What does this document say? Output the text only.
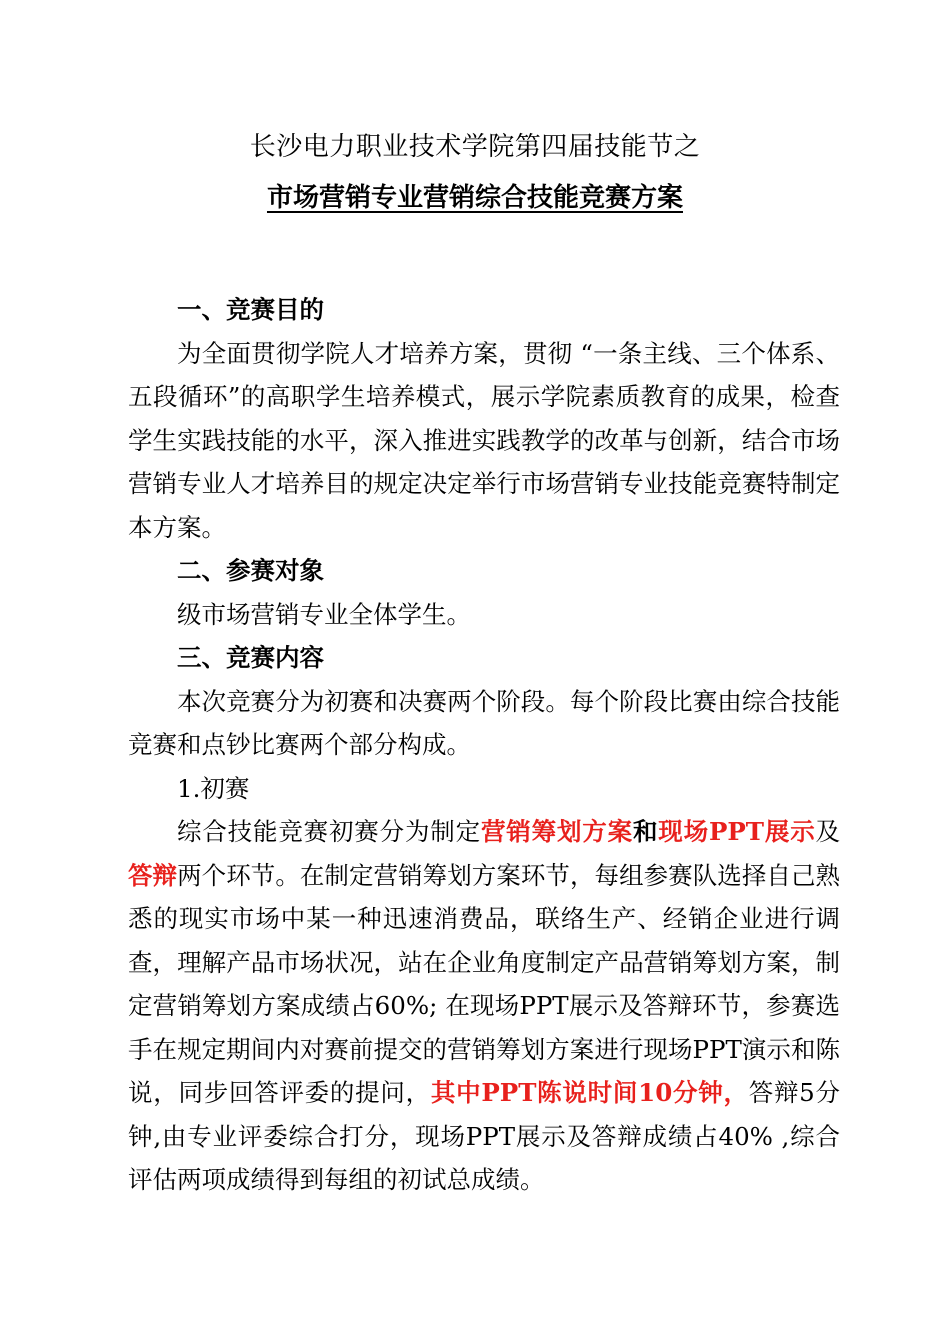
长沙电力职业技术学院第四届技能节之
市场营销专业营销综合技能竞赛方案

一、竞赛目的

为全面贯彻学院人才培养方案，贯彻 “一条主线、三个体系、五段循环”的高职学生培养模式，展示学院素质教育的成果，检查学生实践技能的水平，深入推进实践教学的改革与创新，结合市场营销专业人才培养目的规定决定举行市场营销专业技能竞赛特制定本方案。

二、参赛对象

级市场营销专业全体学生。

三、竞赛内容

本次竞赛分为初赛和决赛两个阶段。每个阶段比赛由综合技能竞赛和点钞比赛两个部分构成。

1.初赛

综合技能竞赛初赛分为制定营销筹划方案和现场PPT展示及答辩两个环节。在制定营销筹划方案环节，每组参赛队选择自己熟悉的现实市场中某一种迅速消费品，联络生产、经销企业进行调查，理解产品市场状况，站在企业角度制定产品营销筹划方案，制定营销筹划方案成绩占60%; 在现场PPT展示及答辩环节，参赛选手在规定期间内对赛前提交的营销筹划方案进行现场PPT演示和陈说，同步回答评委的提问，其中PPT陈说时间10分钟，答辩5分钟,由专业评委综合打分，现场PPT展示及答辩成绩占40% ,综合评估两项成绩得到每组的初试总成绩。
